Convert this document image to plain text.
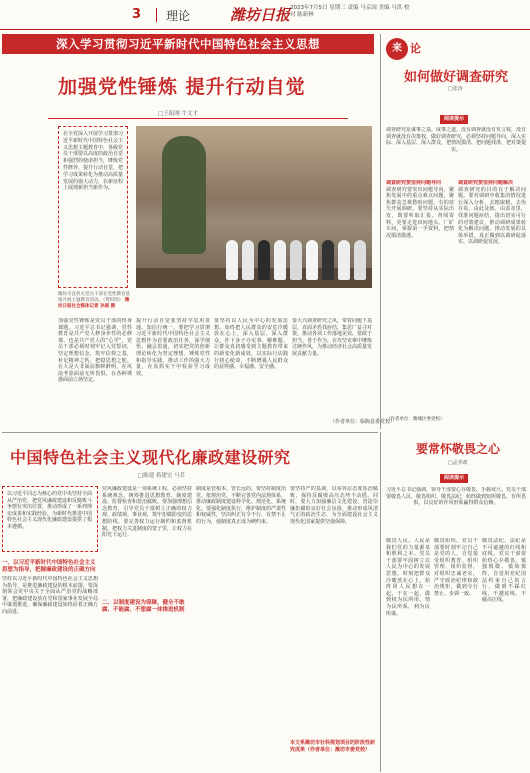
3 理论	潍坊日报 2023年7月5日 星期三 责编 马京国 美编 马洪 校对 陈新林
深入学习贯彻习近平新时代中国特色社会主义思想
加强党性锤炼 提升行动自觉
□王振刚 牛文才
在全党深入开展学习贯彻习近平新时代中国特色社会主义思想主题教育中，各级党员干部要以高度的政治自觉和强烈的使命担当，锤炼党性修养，提升行动自觉，把学习成果转化为推动高质量发展的强大动力，在新征程上展现新担当新作为。
潍坊市直机关党员干部在党性教育基地开展主题教育活动。（资料图） 潍坊日报社全媒体记者 孙斌 摄
加强党性锤炼是党员干部的终身课题。习近平总书记强调，党性教育是共产党人修身养性的必修课，也是共产党人的“心学”。党员干部必须时刻牢记入党誓词，坚定理想信念，筑牢信仰之基，补足精神之钙，把稳思想之舵，在大是大非面前旗帜鲜明，在风浪考验面前无所畏惧，在各种诱惑面前立场坚定。
提升行动自觉要坚持学思用贯通、知信行统一。要把学习贯彻习近平新时代中国特色社会主义思想作为首要政治任务，深学细悟、融会贯通，切实把党的创新理论转化为坚定理想、锤炼党性和指导实践、推动工作的强大力量，在真抓实干中检验学习成效。
要坚持以人民为中心的发展思想，始终把人民群众的安危冷暖放在心上，深入基层、深入群众，扑下身子办实事、解难题，让群众真切感受到主题教育带来的新变化新成效，以实际行动践行初心使命，不断增强人民群众的获得感、幸福感、安全感。
要大兴调查研究之风，带着问题下基层，直面矛盾找症结，集思广益寻对策，推动各项工作落地见效。要敢于担当、善于作为，在攻坚克难中锤炼过硬作风，为推动经济社会高质量发展贡献力量。
（作者单位：临朐县委党校）
来 论
如何做好调查研究
□张涛
阅读提示
调查研究是谋事之基、成事之道。没有调查就没有发言权，没有调查就没有决策权。做好调查研究，必须坚持问题导向，深入实际、深入基层、深入群众，把情况摸清、把问题找准、把对策提实。
调查研究要坚持问题导向
调查研究要突出问题导向，聚焦发展中的重点难点问题，聚焦群众急难愁盼问题，有的放矢开展调研。要坚持从实际出发，既要听取汇报、查阅资料，更要走进田间地头、厂矿车间，掌握第一手资料，把情况摸清摸透。
调查研究要坚持问题解决
调查研究的目的在于解决问题。要对调研中收集的情况进行深入分析，去粗取精、去伪存真、由此及彼、由表及里，找准问题症结，提出切实可行的对策建议，推动调研成果转化为解决问题、推动发展的具体举措，真正做到以调研促落实、以调研促发展。
（作者单位：潍城区委党校）
要常怀敬畏之心
□孟养政
阅读提示
习近平总书记强调，领导干部要心存敬畏、手握戒尺。党员干部要敬畏人民、敬畏组织、敬畏法纪，始终做到知所敬畏、有所畏惧，以良好的作风形象赢得群众信赖。
敬畏人民。人民是我们党的力量源泉和胜利之本。党员干部要牢固树立以人民为中心的发展思想，时刻把群众冷暖放在心上，始终同人民想在一起、干在一起，做到权为民所用、情为民所系、利为民所谋。
敬畏组织。党员干部要时刻牢记自己是党的人，自觉接受组织教育、组织管理、组织监督，对组织忠诚老实，严守政治纪律和政治规矩，做到令行禁止、步调一致。
敬畏法纪。法纪是不可逾越的红线和底线。党员干部要始终心存敬畏，慎独慎微、慎始慎终，自觉用党纪国法约束自己的言行，做到不踩红线、不越底线、不碰高压线。
中国特色社会主义现代化廉政建设研究
□陈建 蒋建宏 马茗
以习近平同志为核心的党中央坚持全面从严治党，把党风廉政建设和反腐败斗争摆在突出位置，推动形成了一系列理论成果和实践经验，为新时代推进中国特色社会主义现代化廉政建设提供了根本遵循。
一、以习近平新时代中国特色社会主义思想为指导，把握廉政建设的正确方向
坚持以习近平新时代中国特色社会主义思想为指导，是推进廉政建设的根本前提。要深刻领会党中央关于全面从严治党的战略部署，把廉政建设放在党和国家事业发展全局中谋划推进，确保廉政建设始终沿着正确方向前进。
党风廉政建设是一项系统工程，必须坚持系统观念，统筹推进思想教育、制度建设、监督检查和惩治腐败。要加强理想信念教育，引导党员干部树立正确的权力观、政绩观、事业观，筑牢拒腐防变的思想防线。要完善权力运行制约和监督机制，把权力关进制度的笼子里，让权力在阳光下运行。
二、以制度建设为保障，健全不敢腐、不能腐、不想腐一体推进机制
制度是管根本、管长远的。要坚持制度治党、依规治党，不断完善党内法规体系，推动廉政制度建设科学化、规范化、系统化。要强化制度执行，维护制度的严肃性和权威性，坚决纠正有令不行、有禁不止的行为，使制度真正成为硬约束。
要坚持严的基调，以零容忍态度惩治腐败，保持反腐败高压态势不动摇。同时，要大力加强廉洁文化建设，营造崇廉拒腐的良好社会氛围，推动形成风清气正的政治生态，为全面建设社会主义现代化国家提供坚强保障。
本文系潍坊市社科规划项目的阶段性研究成果（作者单位：潍坊市委党校）
